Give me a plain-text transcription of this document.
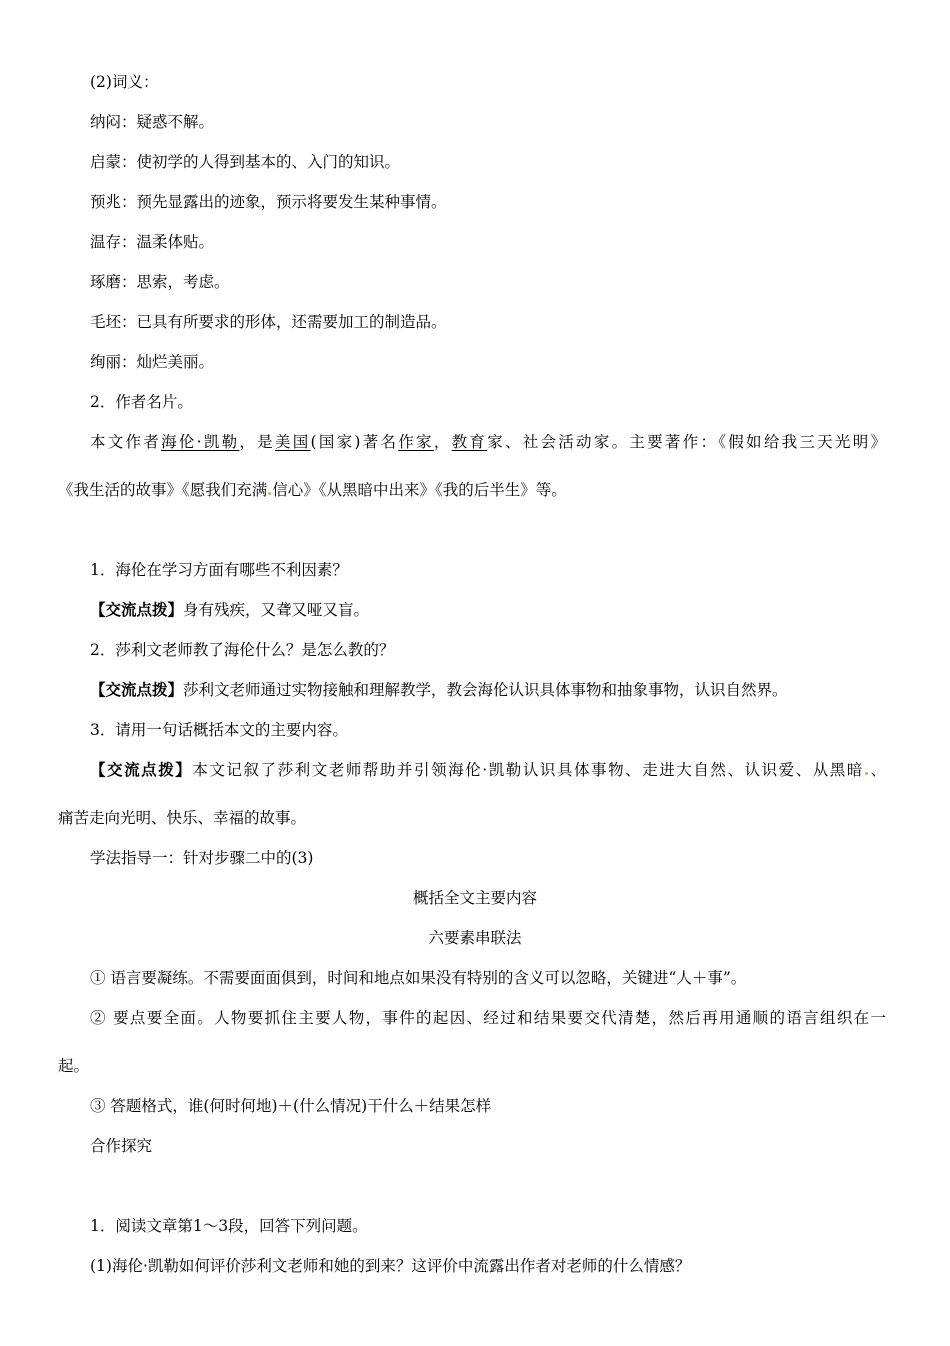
(2)词义：
纳闷：疑惑不解。
启蒙：使初学的人得到基本的、入门的知识。
预兆：预先显露出的迹象，预示将要发生某种事情。
温存：温柔体贴。
琢磨：思索，考虑。
毛坯：已具有所要求的形体，还需要加工的制造品。
绚丽：灿烂美丽。
2．作者名片。
本文作者海伦·凯勒，是美国(国家)著名作家，教育家、社会活动家。主要著作：《假如给我三天光明》
《我生活的故事》《愿我们充满 信心》《从黑暗中出来》《我的后半生》等。
1．海伦在学习方面有哪些不利因素？
【交流点拨】身有残疾，又聋又哑又盲。
2．莎利文老师教了海伦什么？是怎么教的？
【交流点拨】莎利文老师通过实物接触和理解教学，教会海伦认识具体事物和抽象事物，认识自然界。
3．请用一句话概括本文的主要内容。
【交流点拨】本文记叙了莎利文老师帮助并引领海伦·凯勒认识具体事物、走进大自然、认识爱、从黑暗 、
痛苦走向光明、快乐、幸福的故事。
学法指导一：针对步骤二中的(3)
概括全文主要内容
六要素串联法
① 语言要凝练。不需要面面俱到，时间和地点如果没有特别的含义可以忽略，关键进“人＋事”。
② 要点要全面。人物要抓住主要人物，事件的起因、经过和结果要交代清楚，然后再用通顺的语言组织在一
起。
③ 答题格式，谁(何时何地)＋(什么情况)干什么＋结果怎样
合作探究
1．阅读文章第1～3段，回答下列问题。
(1)海伦·凯勒如何评价莎利文老师和她的到来？这评价中流露出作者对老师的什么情感？
